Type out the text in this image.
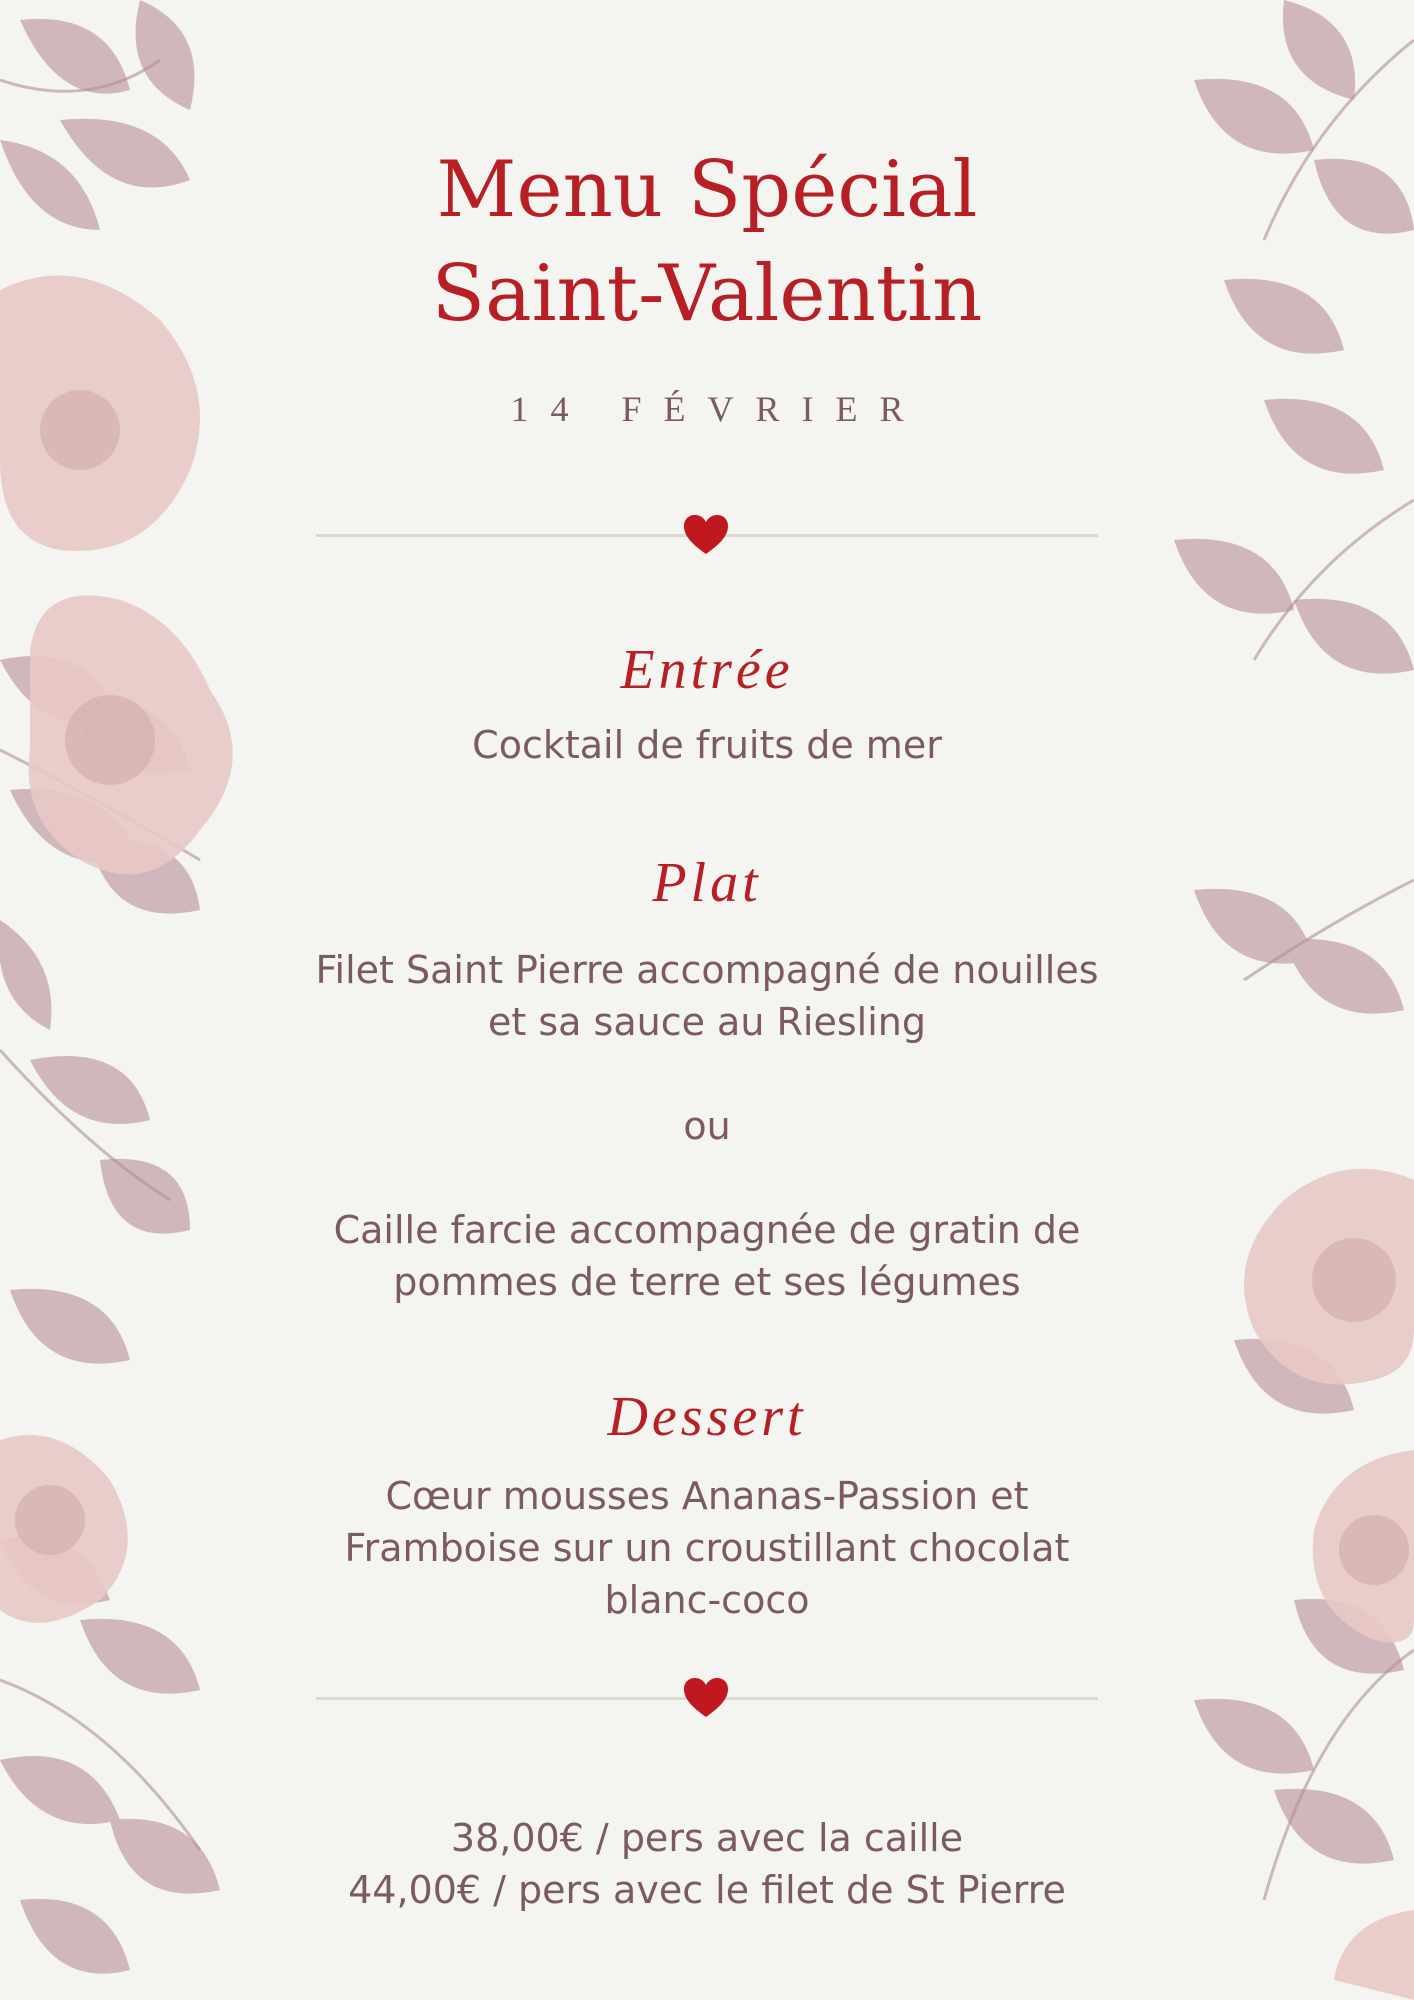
Menu Spécial
Saint-Valentin
14 FÉVRIER
Entrée

Cocktail de fruits de mer

Plat

Filet Saint Pierre accompagné de nouilles

et sa sauce au Riesling

ou

Caille farcie accompagnée de gratin de

pommes de terre et ses légumes

Dessert

Cœur mousses Ananas-Passion et

Framboise sur un croustillant chocolat

blanc-coco

38,00€ / pers avec la caille

44,00€ / pers avec le filet de St Pierre
